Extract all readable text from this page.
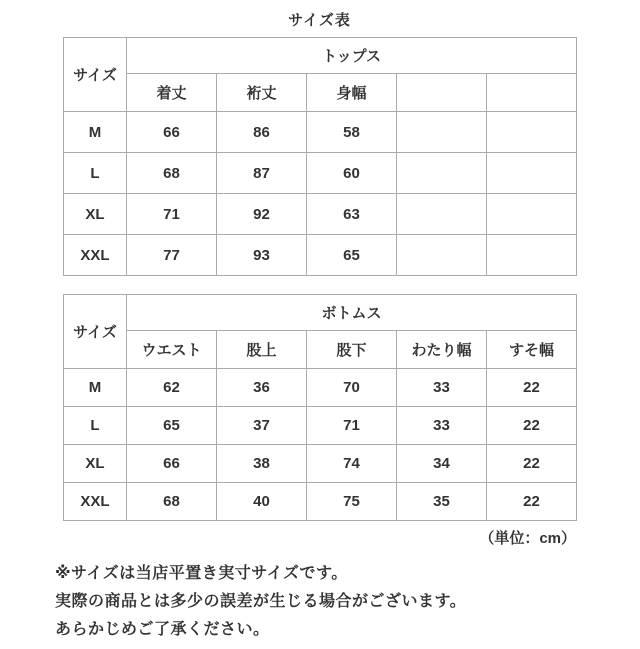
サイズ表
サイズ	トップス				
	着丈	裄丈	身幅		
M	66	86	58		
L	68	87	60		
XL	71	92	63		
XXL	77	93	65		
サイズ	ボトムス				
	ウエスト	股上	股下	わたり幅	すそ幅
M	62	36	70	33	22
L	65	37	71	33	22
XL	66	38	74	34	22
XXL	68	40	75	35	22
（単位：cm）
※サイズは当店平置き実寸サイズです。
実際の商品とは多少の誤差が生じる場合がございます。
あらかじめご了承ください。
